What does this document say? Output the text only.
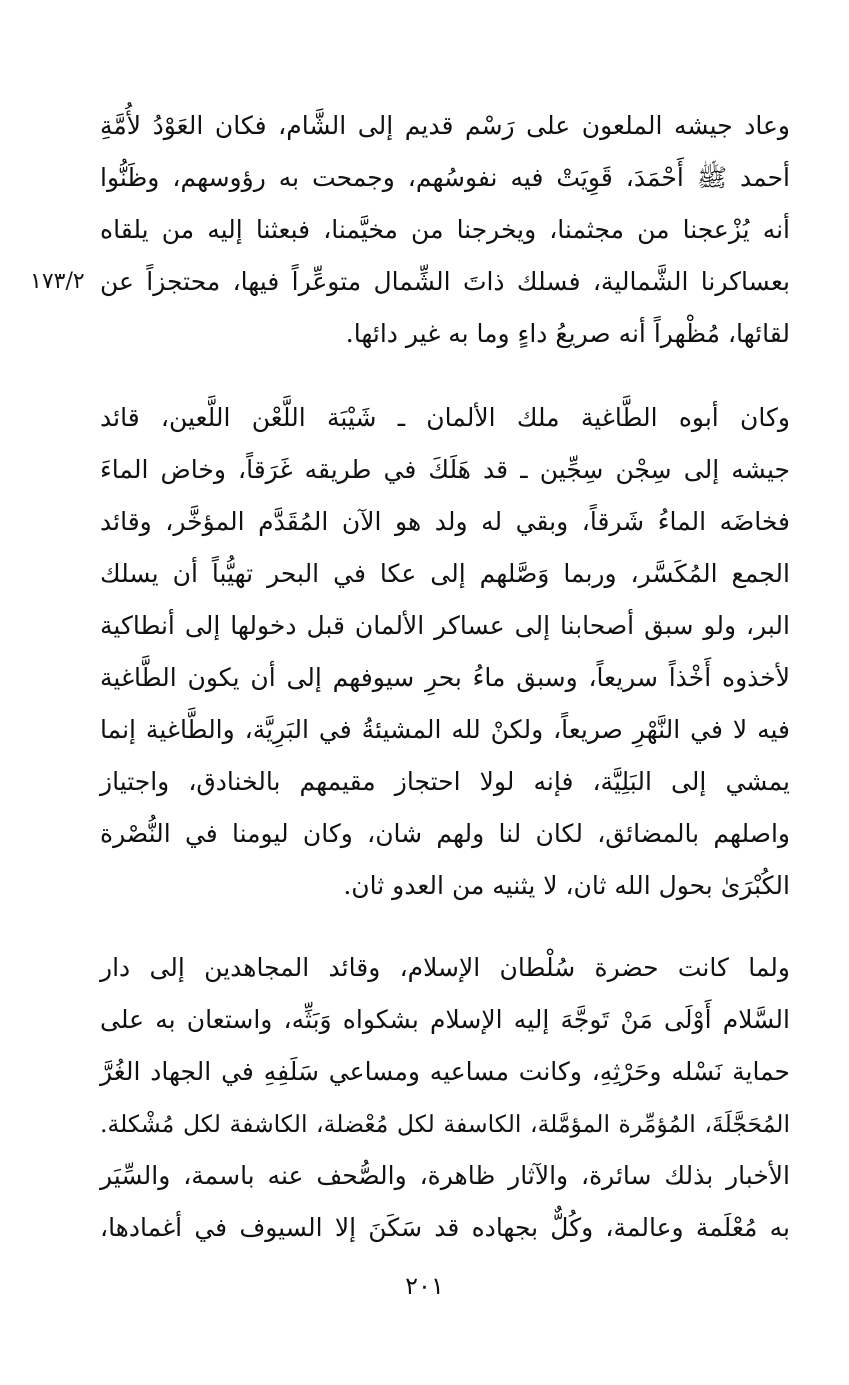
وعاد جيشه الملعون على رَسْم قديم إلى الشَّام، فكان العَوْدُ لأُمَّةِ
أحمد ﷺ أَحْمَدَ، قَوِيَتْ فيه نفوسُهم، وجمحت به رؤوسهم، وظَنُّوا
أنه يُزْعجنا من مجثمنا، ويخرجنا من مخيَّمنا، فبعثنا إليه من يلقاه
بعساكرنا الشَّمالية، فسلك ذاتَ الشِّمال متوعِّراً فيها، محتجزاً عن
لقائها، مُظْهراً أنه صريعُ داءٍ وما به غير دائها.
١٧٣/٢
وكان أبوه الطَّاغية ملك الألمان ـ شَيْبَة اللَّعْن اللَّعين، قائد
جيشه إلى سِجْن سِجِّين ـ قد هَلَكَ في طريقه غَرَقاً، وخاض الماءَ
فخاضَه الماءُ شَرقاً، وبقي له ولد هو الآن المُقَدَّم المؤخَّر، وقائد
الجمع المُكَسَّر، وربما وَصَّلهم إلى عكا في البحر تهيُّباً أن يسلك
البر، ولو سبق أصحابنا إلى عساكر الألمان قبل دخولها إلى أنطاكية
لأخذوه أَخْذاً سريعاً، وسبق ماءُ بحرِ سيوفهم إلى أن يكون الطَّاغية
فيه لا في النَّهْرِ صريعاً، ولكنْ لله المشيئةُ في البَرِيَّة، والطَّاغية إنما
يمشي إلى البَلِيَّة، فإنه لولا احتجاز مقيمهم بالخنادق، واجتياز
واصلهم بالمضائق، لكان لنا ولهم شان، وكان ليومنا في النُّصْرة
الكُبْرَىٰ بحول الله ثان، لا يثنيه من العدو ثان.
ولما كانت حضرة سُلْطان الإسلام، وقائد المجاهدين إلى دار
السَّلام أَوْلَى مَنْ تَوجَّهَ إليه الإسلام بشكواه وَبَثِّه، واستعان به على
حماية نَسْله وحَرْثِهِ، وكانت مساعيه ومساعي سَلَفِهِ في الجهاد الغُرَّ
المُحَجَّلَةَ، المُؤمِّرة المؤمَّلة، الكاسفة لكل مُعْضلة، الكاشفة لكل مُشْكلة.
الأخبار بذلك سائرة، والآثار ظاهرة، والصُّحف عنه باسمة، والسِّيَر
به مُعْلَمة وعالمة، وكُلٌّ بجهاده قد سَكَنَ إلا السيوف في أغمادها،
٢٠١
